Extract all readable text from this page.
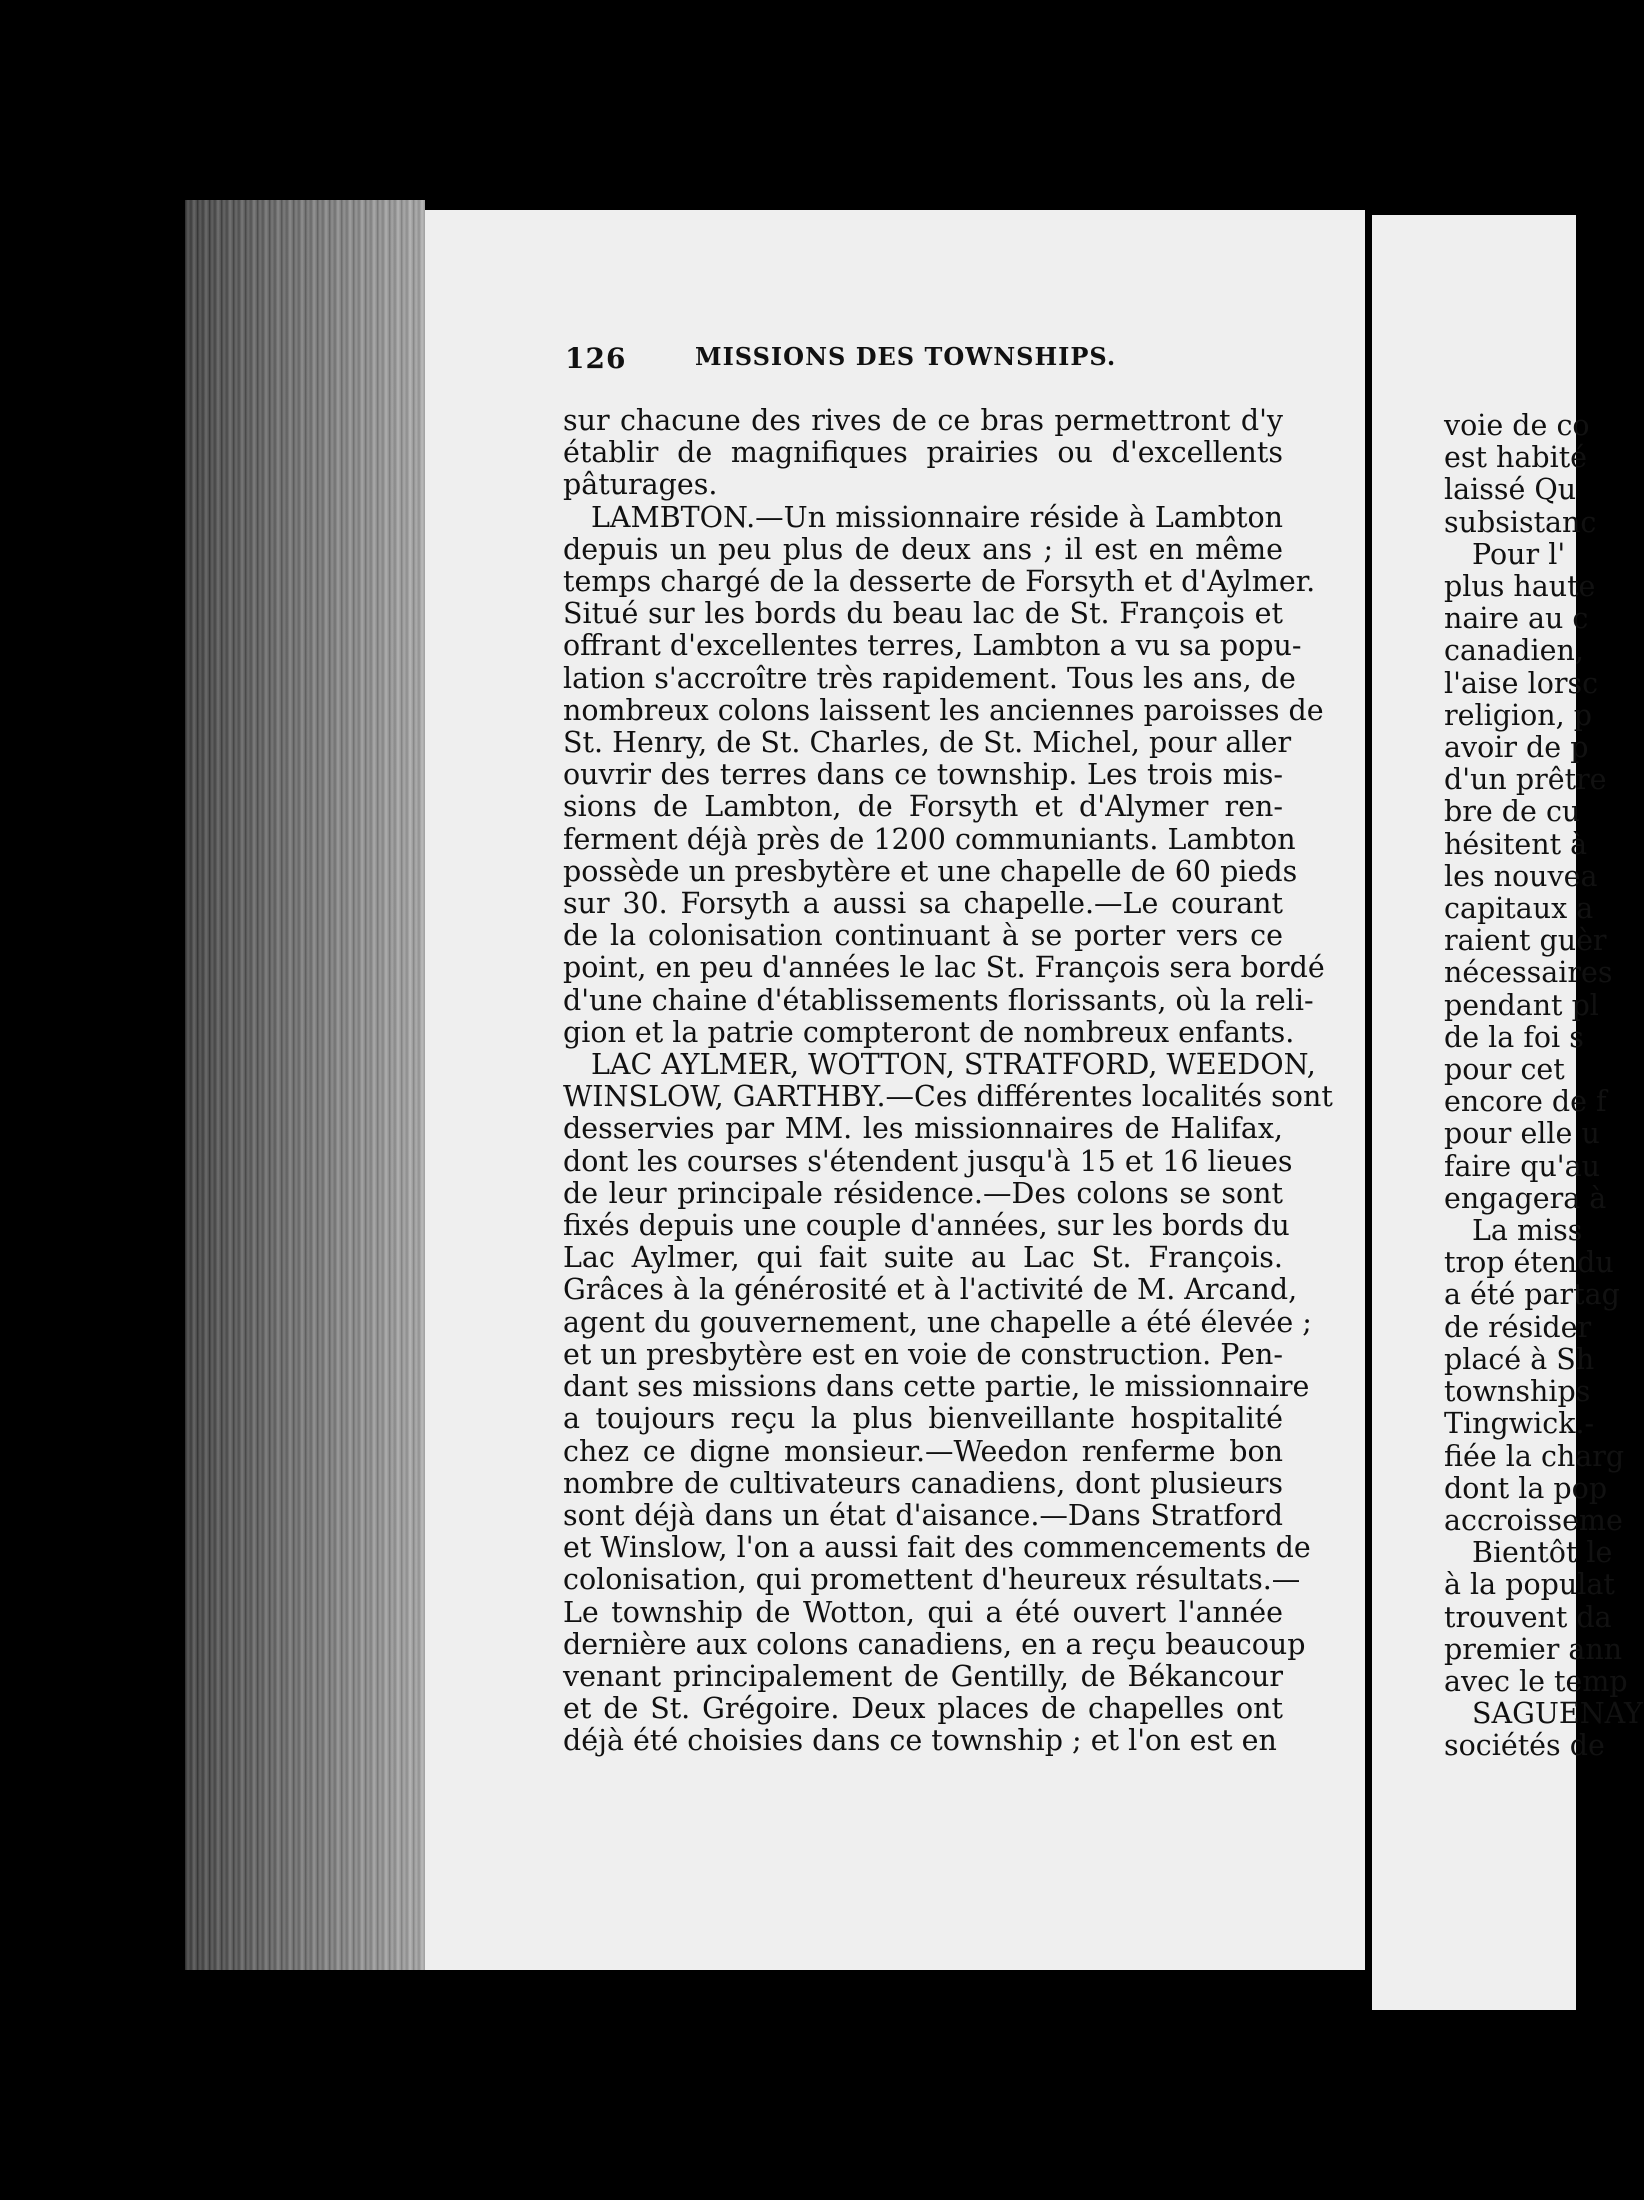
126	MISSIONS DES TOWNSHIPS.
sur chacune des rives de ce bras permettront d'y
établir de magnifiques prairies ou d'excellents
pâturages.
LAMBTON.—Un missionnaire réside à Lambton
depuis un peu plus de deux ans ; il est en même
temps chargé de la desserte de Forsyth et d'Aylmer.
Situé sur les bords du beau lac de St. François et
offrant d'excellentes terres, Lambton a vu sa popu-
lation s'accroître très rapidement. Tous les ans, de
nombreux colons laissent les anciennes paroisses de
St. Henry, de St. Charles, de St. Michel, pour aller
ouvrir des terres dans ce township. Les trois mis-
sions de Lambton, de Forsyth et d'Alymer ren-
ferment déjà près de 1200 communiants. Lambton
possède un presbytère et une chapelle de 60 pieds
sur 30. Forsyth a aussi sa chapelle.—Le courant
de la colonisation continuant à se porter vers ce
point, en peu d'années le lac St. François sera bordé
d'une chaine d'établissements florissants, où la reli-
gion et la patrie compteront de nombreux enfants.
LAC AYLMER, WOTTON, STRATFORD, WEEDON,
WINSLOW, GARTHBY.—Ces différentes localités sont
desservies par MM. les missionnaires de Halifax,
dont les courses s'étendent jusqu'à 15 et 16 lieues
de leur principale résidence.—Des colons se sont
fixés depuis une couple d'années, sur les bords du
Lac Aylmer, qui fait suite au Lac St. François.
Grâces à la générosité et à l'activité de M. Arcand,
agent du gouvernement, une chapelle a été élevée ;
et un presbytère est en voie de construction. Pen-
dant ses missions dans cette partie, le missionnaire
a toujours reçu la plus bienveillante hospitalité
chez ce digne monsieur.—Weedon renferme bon
nombre de cultivateurs canadiens, dont plusieurs
sont déjà dans un état d'aisance.—Dans Stratford
et Winslow, l'on a aussi fait des commencements de
colonisation, qui promettent d'heureux résultats.—
Le township de Wotton, qui a été ouvert l'année
dernière aux colons canadiens, en a reçu beaucoup
venant principalement de Gentilly, de Békancour
et de St. Grégoire. Deux places de chapelles ont
déjà été choisies dans ce township ; et l'on est en
voie de co
est habité
laissé Qu
subsistanc
Pour l'
plus haute
naire au c
canadien,
l'aise lorsc
religion, p
avoir de p
d'un prêtre
bre de cu
hésitent à
les nouvea
capitaux a
raient guèr
nécessaires
pendant pl
de la foi s
pour cet
encore de f
pour elle u
faire qu'au
engagera à
La miss
trop étendu
a été partag
de résider
placé à Sh
townships
Tingwick.-
fiée la charg
dont la pop
accroisseme
Bientôt le
à la populat
trouvent da
premier ann
avec le temp
SAGUENAY
sociétés de
